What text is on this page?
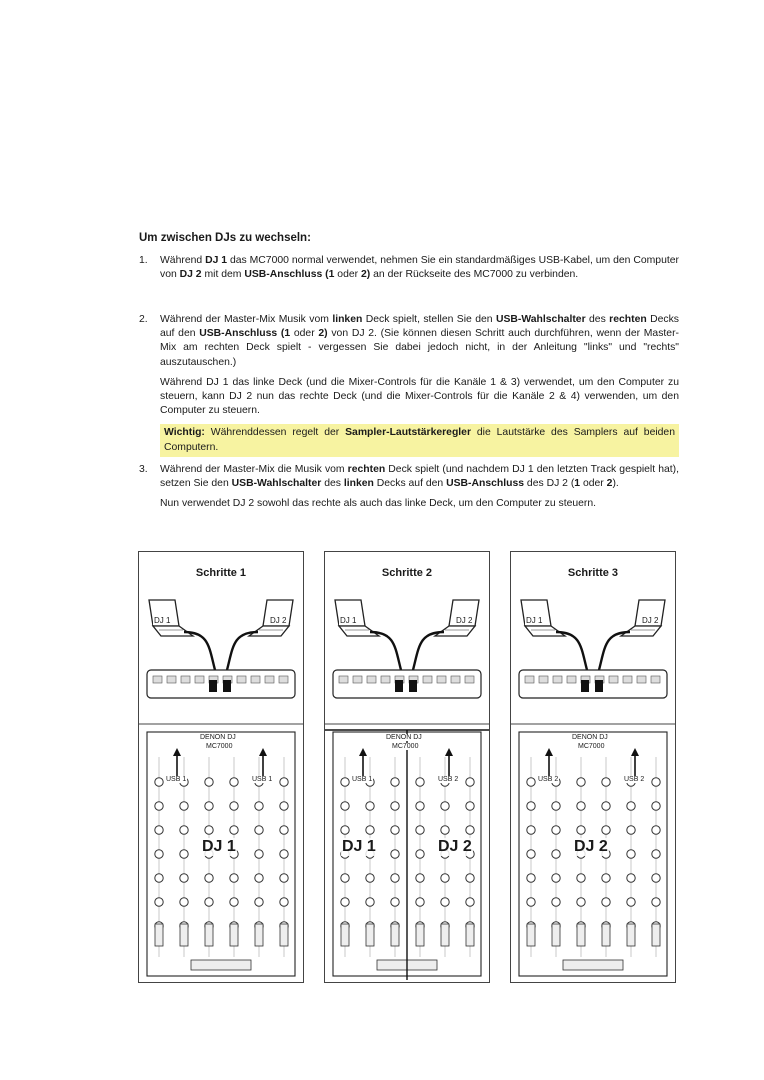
Um zwischen DJs zu wechseln:
1. Während DJ 1 das MC7000 normal verwendet, nehmen Sie ein standardmäßiges USB-Kabel, um den Computer von DJ 2 mit dem USB-Anschluss (1 oder 2) an der Rückseite des MC7000 zu verbinden.

2. Während der Master-Mix Musik vom linken Deck spielt, stellen Sie den USB-Wahlschalter des rechten Decks auf den USB-Anschluss (1 oder 2) von DJ 2. (Sie können diesen Schritt auch durchführen, wenn der Master-Mix am rechten Deck spielt - vergessen Sie dabei jedoch nicht, in der Anleitung "links" und "rechts" auszutauschen.)

Während DJ 1 das linke Deck (und die Mixer-Controls für die Kanäle 1 & 3) verwendet, um den Computer zu steuern, kann DJ 2 nun das rechte Deck (und die Mixer-Controls für die Kanäle 2 & 4) verwenden, um den Computer zu steuern.

Wichtig: Währenddessen regelt der Sampler-Lautstärkeregler die Lautstärke des Samplers auf beiden Computern.

3. Während der Master-Mix die Musik vom rechten Deck spielt (und nachdem DJ 1 den letzten Track gespielt hat), setzen Sie den USB-Wahlschalter des linken Decks auf den USB-Anschluss des DJ 2 (1 oder 2).

Nun verwendet DJ 2 sowohl das rechte als auch das linke Deck, um den Computer zu steuern.

Schritte 1
DJ 1	DJ 2
DENON DJ
MC7000
USB 1	USB 1
DJ 1
Schritte 2
DJ 1	DJ 2
DENON DJ
MC7000
USB 1	USB 2
DJ 1	DJ 2
Schritte 3
DJ 1	DJ 2
DENON DJ
MC7000
USB 2	USB 2
DJ 2
